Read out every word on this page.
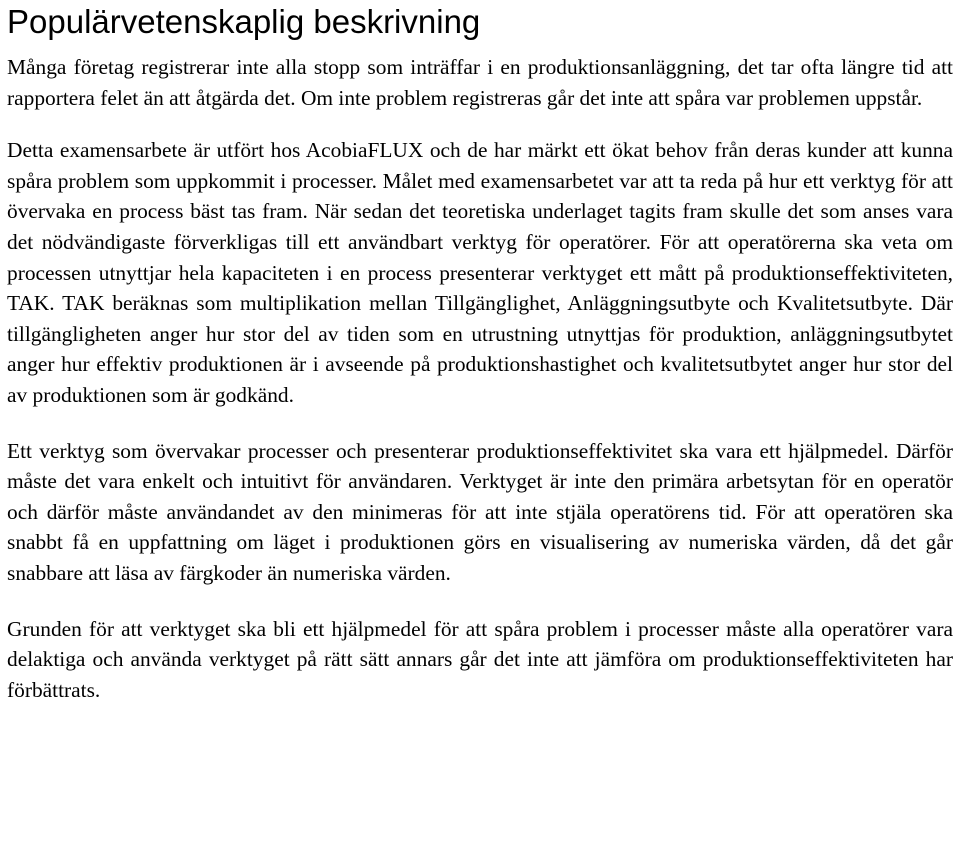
Populärvetenskaplig beskrivning

Många företag registrerar inte alla stopp som inträffar i en produktionsanläggning, det tar ofta längre tid att rapportera felet än att åtgärda det. Om inte problem registreras går det inte att spåra var problemen uppstår.

Detta examensarbete är utfört hos AcobiaFLUX och de har märkt ett ökat behov från deras kunder att kunna spåra problem som uppkommit i processer. Målet med examensarbetet var att ta reda på hur ett verktyg för att övervaka en process bäst tas fram. När sedan det teoretiska underlaget tagits fram skulle det som anses vara det nödvändigaste förverkligas till ett användbart verktyg för operatörer. För att operatörerna ska veta om processen utnyttjar hela kapaciteten i en process presenterar verktyget ett mått på produktionseffektiviteten, TAK. TAK beräknas som multiplikation mellan Tillgänglighet, Anläggningsutbyte och Kvalitetsutbyte. Där tillgängligheten anger hur stor del av tiden som en utrustning utnyttjas för produktion, anläggningsutbytet anger hur effektiv produktionen är i avseende på produktionshastighet och kvalitetsutbytet anger hur stor del av produktionen som är godkänd.

Ett verktyg som övervakar processer och presenterar produktionseffektivitet ska vara ett hjälpmedel. Därför måste det vara enkelt och intuitivt för användaren. Verktyget är inte den primära arbetsytan för en operatör och därför måste användandet av den minimeras för att inte stjäla operatörens tid. För att operatören ska snabbt få en uppfattning om läget i produktionen görs en visualisering av numeriska värden, då det går snabbare att läsa av färgkoder än numeriska värden.

Grunden för att verktyget ska bli ett hjälpmedel för att spåra problem i processer måste alla operatörer vara delaktiga och använda verktyget på rätt sätt annars går det inte att jämföra om produktionseffektiviteten har förbättrats.
